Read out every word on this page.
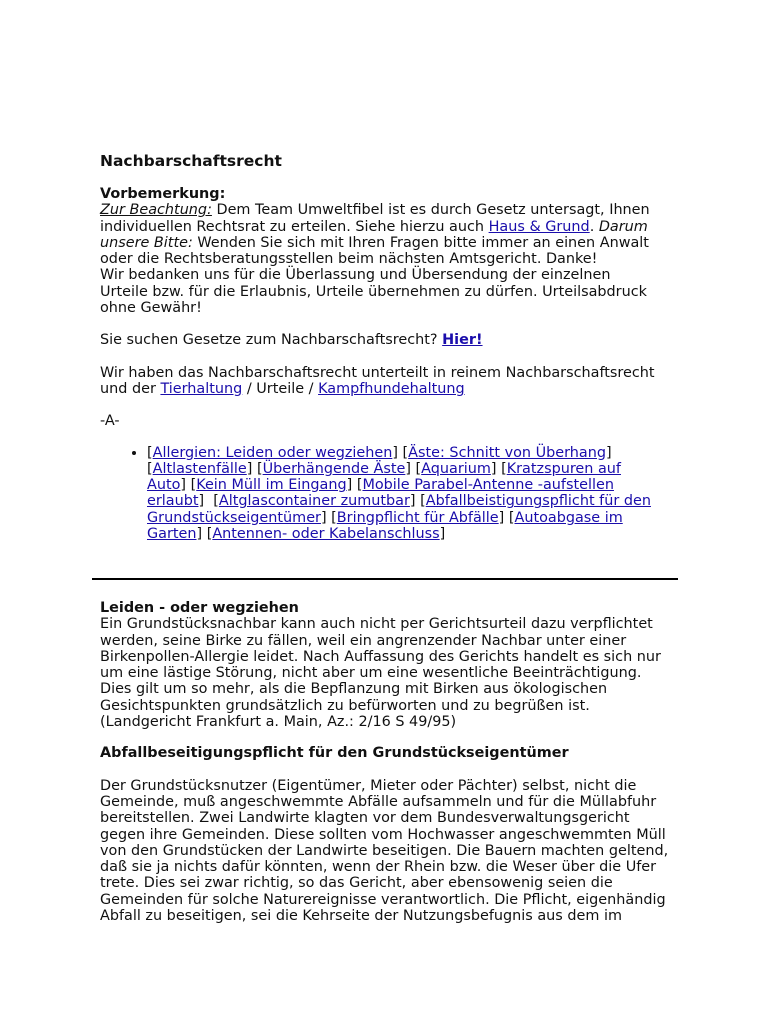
Nachbarschaftsrecht

Vorbemerkung:

Zur Beachtung: Dem Team Umweltfibel ist es durch Gesetz untersagt, Ihnen individuellen Rechtsrat zu erteilen. Siehe hierzu auch Haus & Grund. Darum unsere Bitte: Wenden Sie sich mit Ihren Fragen bitte immer an einen Anwalt oder die Rechtsberatungsstellen beim nächsten Amtsgericht. Danke!

Wir bedanken uns für die Überlassung und Übersendung der einzelnen Urteile bzw. für die Erlaubnis, Urteile übernehmen zu dürfen. Urteilsabdruck ohne Gewähr!

Sie suchen Gesetze zum Nachbarschaftsrecht? Hier!

Wir haben das Nachbarschaftsrecht unterteilt in reinem Nachbarschaftsrecht und der Tierhaltung / Urteile / Kampfhundehaltung

-A-

• [Allergien: Leiden oder wegziehen] [Äste: Schnitt von Überhang] [Altlastenfälle] [Überhängende Äste] [Aquarium] [Kratzspuren auf Auto] [Kein Müll im Eingang] [Mobile Parabel-Antenne -aufstellen erlaubt]  [Altglascontainer zumutbar] [Abfallbeistigungspflicht für den Grundstückseigentümer] [Bringpflicht für Abfälle] [Autoabgase im Garten] [Antennen- oder Kabelanschluss]

Leiden - oder wegziehen

Ein Grundstücksnachbar kann auch nicht per Gerichtsurteil dazu verpflichtet werden, seine Birke zu fällen, weil ein angrenzender Nachbar unter einer Birkenpollen-Allergie leidet. Nach Auffassung des Gerichts handelt es sich nur um eine lästige Störung, nicht aber um eine wesentliche Beeinträchtigung. Dies gilt um so mehr, als die Bepflanzung mit Birken aus ökologischen Gesichtspunkten grundsätzlich zu befürworten und zu begrüßen ist.

(Landgericht Frankfurt a. Main, Az.: 2/16 S 49/95)

Abfallbeseitigungspflicht für den Grundstückseigentümer

Der Grundstücksnutzer (Eigentümer, Mieter oder Pächter) selbst, nicht die Gemeinde, muß angeschwemmte Abfälle aufsammeln und für die Müllabfuhr bereitstellen. Zwei Landwirte klagten vor dem Bundesverwaltungsgericht gegen ihre Gemeinden. Diese sollten vom Hochwasser angeschwemmten Müll von den Grundstücken der Landwirte beseitigen. Die Bauern machten geltend, daß sie ja nichts dafür könnten, wenn der Rhein bzw. die Weser über die Ufer trete. Dies sei zwar richtig, so das Gericht, aber ebensowenig seien die Gemeinden für solche Naturereignisse verantwortlich. Die Pflicht, eigenhändig Abfall zu beseitigen, sei die Kehrseite der Nutzungsbefugnis aus dem im
